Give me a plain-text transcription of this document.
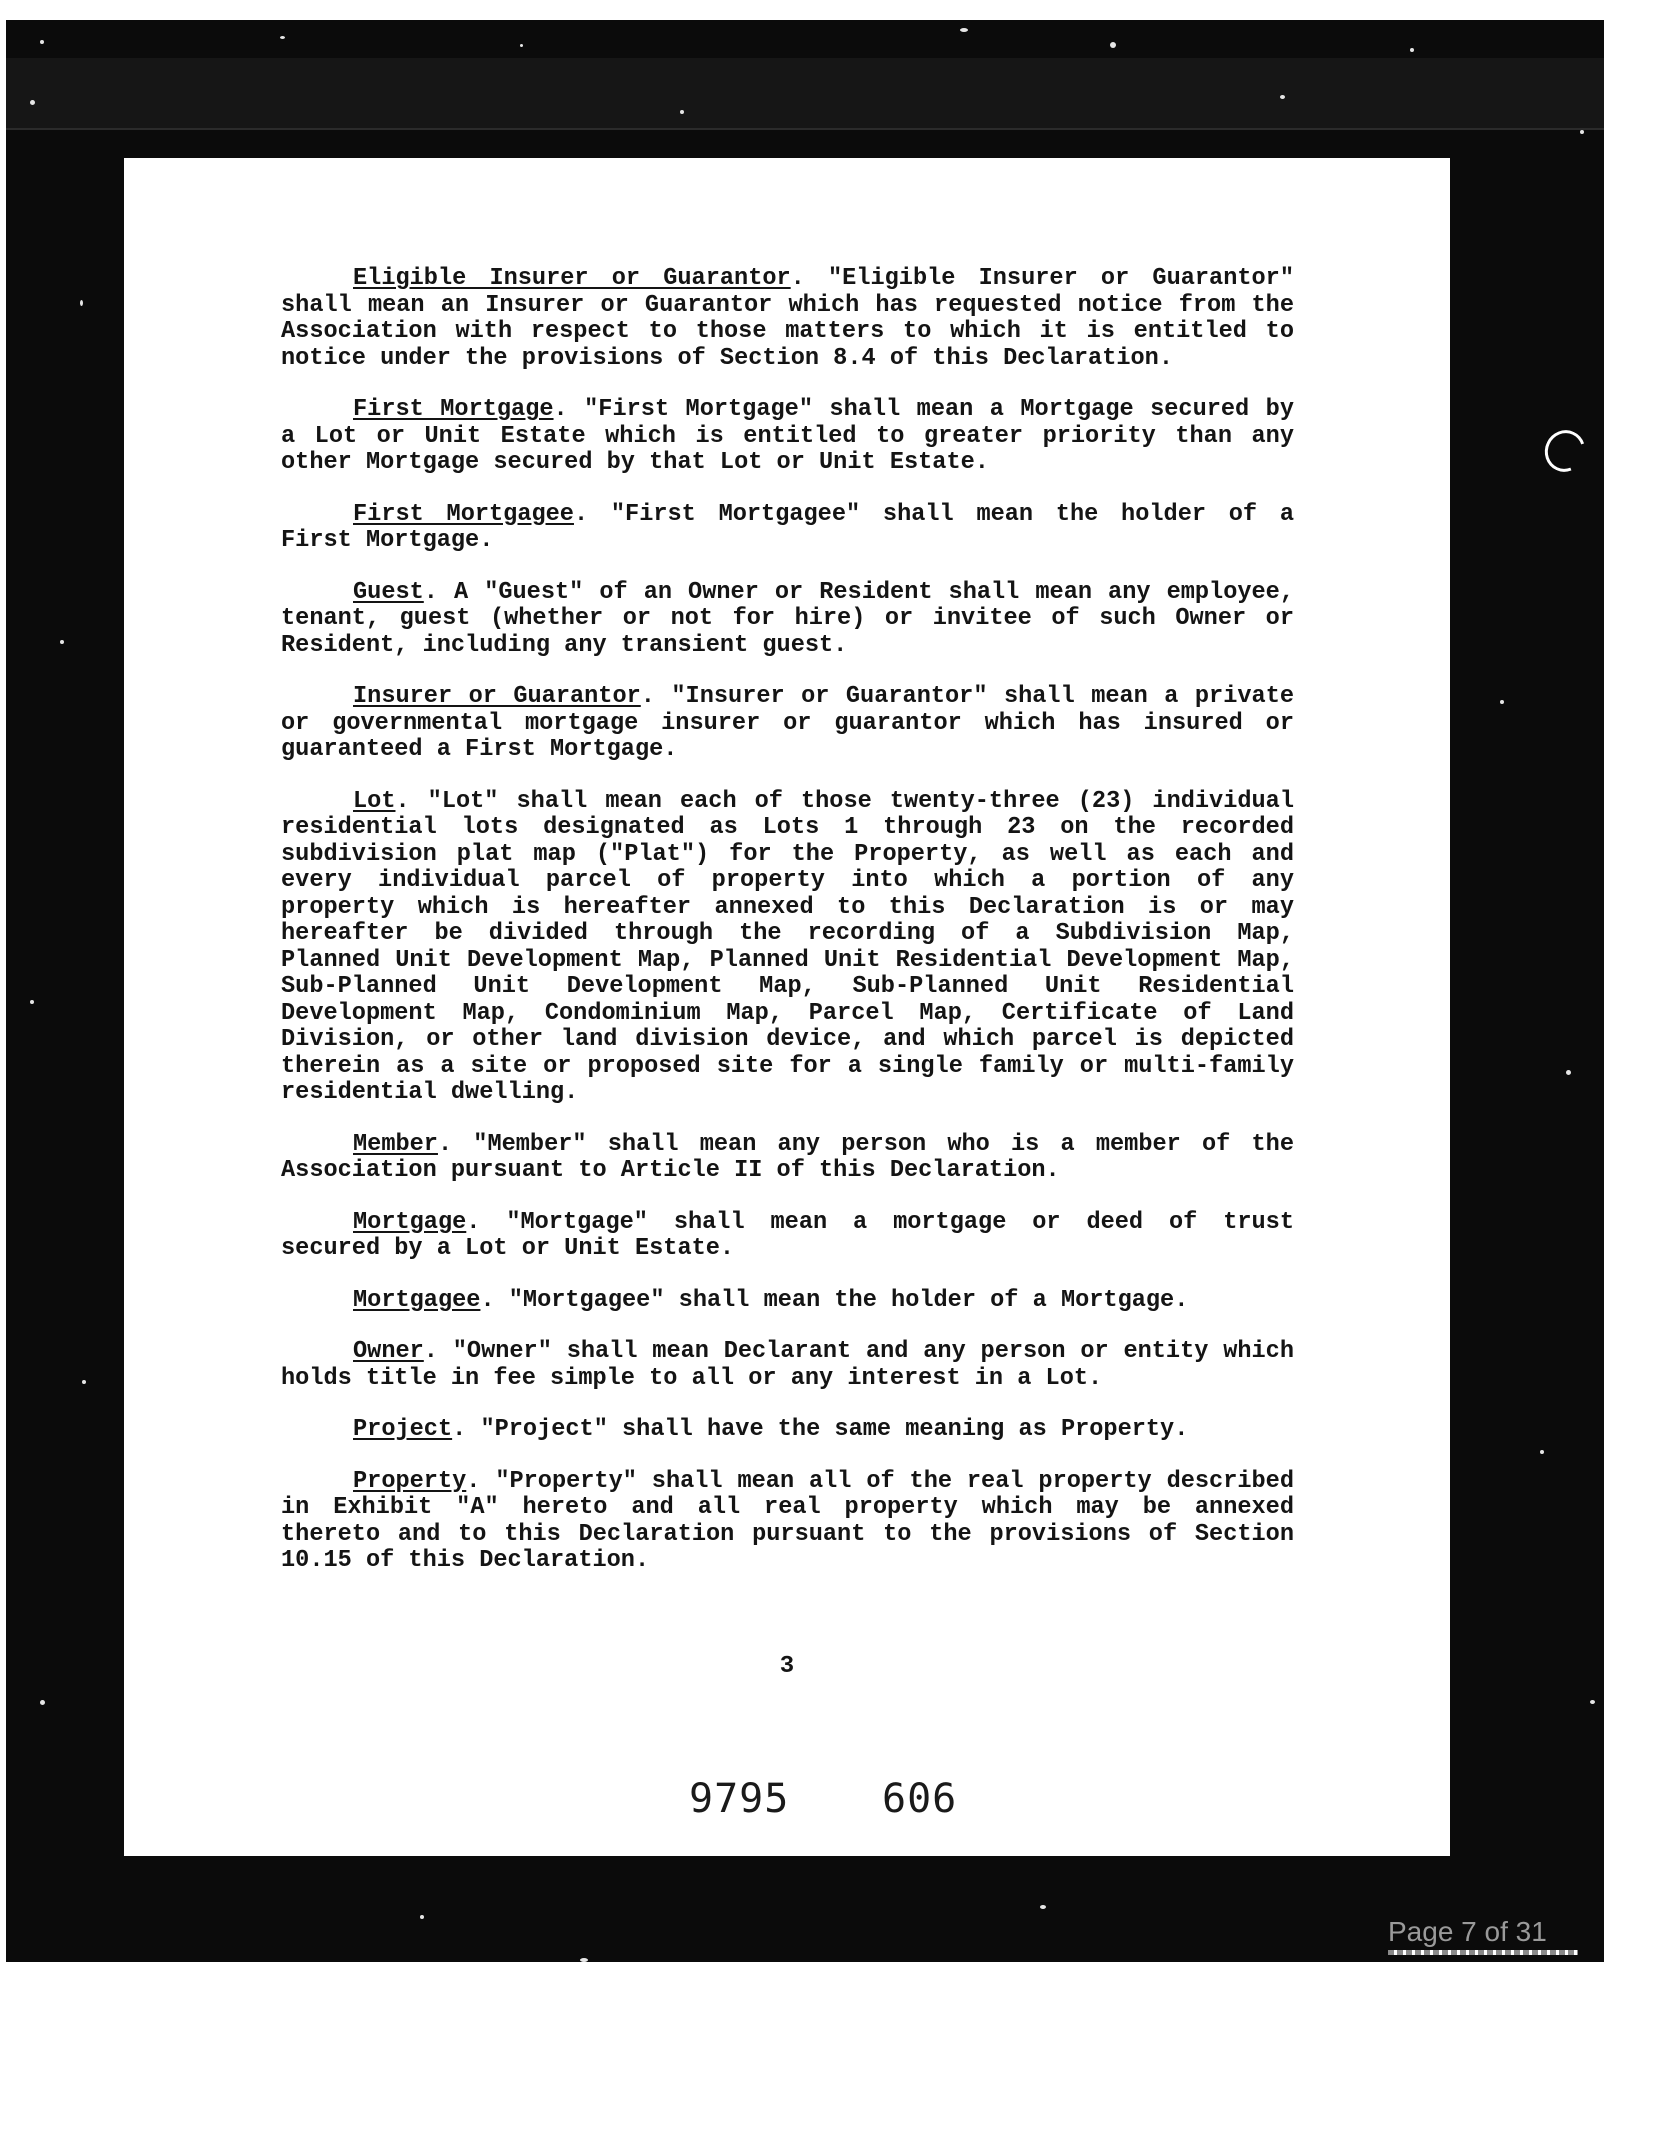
Eligible Insurer or Guarantor. "Eligible Insurer or Guarantor" shall mean an Insurer or Guarantor which has requested notice from the Association with respect to those matters to which it is entitled to notice under the provisions of Section 8.4 of this Declaration.

First Mortgage. "First Mortgage" shall mean a Mortgage secured by a Lot or Unit Estate which is entitled to greater priority than any other Mortgage secured by that Lot or Unit Estate.

First Mortgagee. "First Mortgagee" shall mean the holder of a First Mortgage.

Guest. A "Guest" of an Owner or Resident shall mean any employee, tenant, guest (whether or not for hire) or invitee of such Owner or Resident, including any transient guest.

Insurer or Guarantor. "Insurer or Guarantor" shall mean a private or governmental mortgage insurer or guarantor which has insured or guaranteed a First Mortgage.

Lot. "Lot" shall mean each of those twenty-three (23) individual residential lots designated as Lots 1 through 23 on the recorded subdivision plat map ("Plat") for the Property, as well as each and every individual parcel of property into which a portion of any property which is hereafter annexed to this Declaration is or may hereafter be divided through the recording of a Subdivision Map, Planned Unit Development Map, Planned Unit Residential Development Map, Sub-Planned Unit Development Map, Sub-Planned Unit Residential Development Map, Condominium Map, Parcel Map, Certificate of Land Division, or other land division device, and which parcel is depicted therein as a site or proposed site for a single family or multi-family residential dwelling.

Member. "Member" shall mean any person who is a member of the Association pursuant to Article II of this Declaration.

Mortgage. "Mortgage" shall mean a mortgage or deed of trust secured by a Lot or Unit Estate.

Mortgagee. "Mortgagee" shall mean the holder of a Mortgage.

Owner. "Owner" shall mean Declarant and any person or entity which holds title in fee simple to all or any interest in a Lot.

Project. "Project" shall have the same meaning as Property.

Property. "Property" shall mean all of the real property described in Exhibit "A" hereto and all real property which may be annexed thereto and to this Declaration pursuant to the provisions of Section 10.15 of this Declaration.

3
9795 606
Page 7 of 31
